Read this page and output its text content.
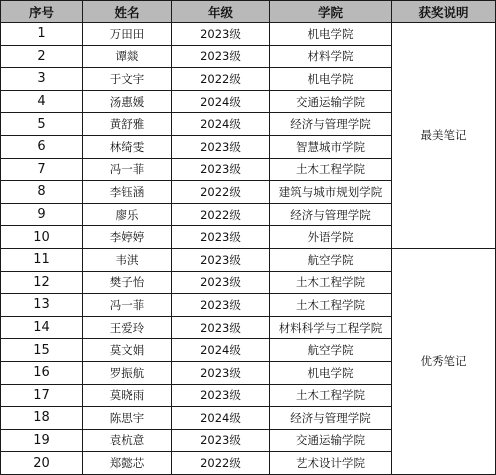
序号	姓名	年级	学院	获奖说明
1	万田田	2023级	机电学院	最美笔记
2	谭燚	2023级	材料学院	
3	于文宇	2022级	机电学院	
4	汤惠媛	2024级	交通运输学院	
5	黄舒雅	2024级	经济与管理学院	
6	林绮雯	2023级	智慧城市学院	
7	冯一菲	2023级	土木工程学院	
8	李钰涵	2022级	建筑与城市规划学院	
9	廖乐	2022级	经济与管理学院	
10	李婷婷	2023级	外语学院	
11	韦淇	2023级	航空学院	优秀笔记
12	樊子怡	2023级	土木工程学院	
13	冯一菲	2023级	土木工程学院	
14	王爱玲	2023级	材料科学与工程学院	
15	莫文娟	2024级	航空学院	
16	罗振航	2023级	机电学院	
17	莫晓雨	2023级	土木工程学院	
18	陈思宇	2024级	经济与管理学院	
19	袁杭意	2023级	交通运输学院	
20	郑懿芯	2022级	艺术设计学院	
